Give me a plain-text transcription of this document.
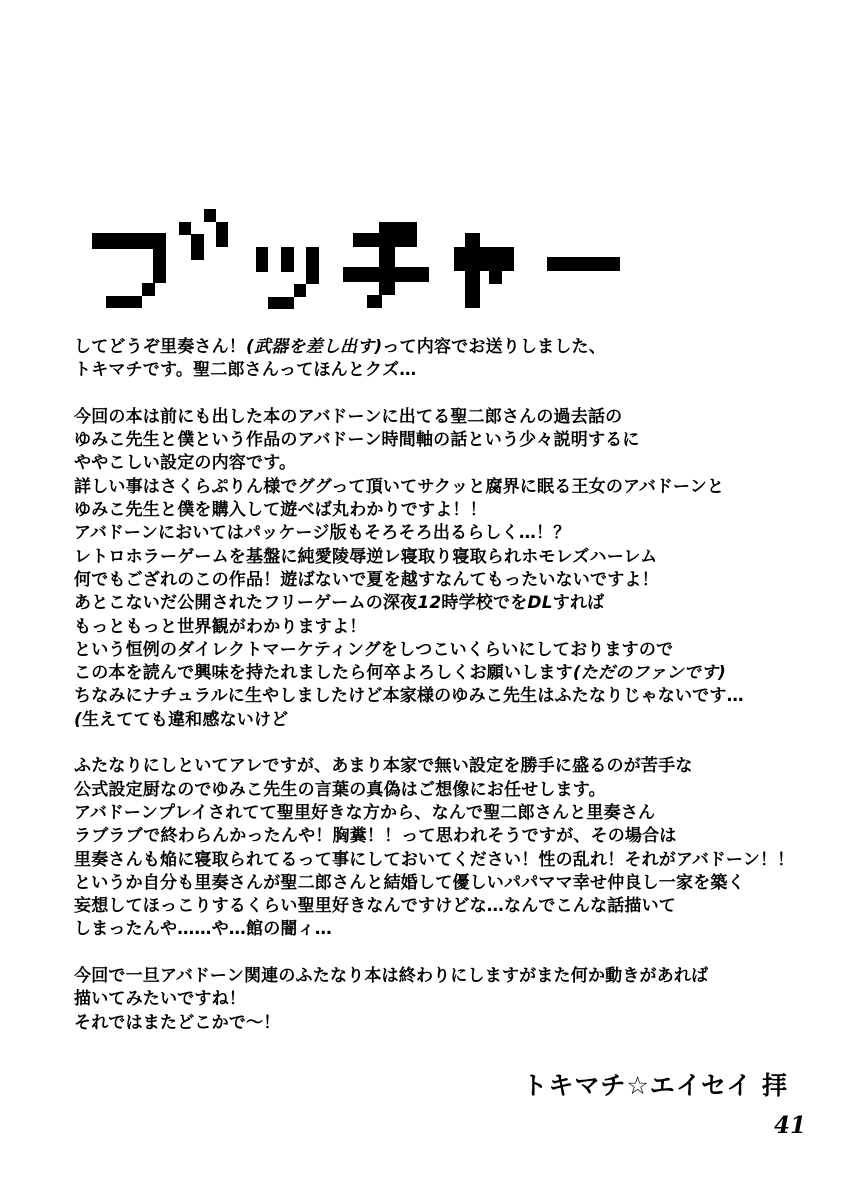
してどうぞ里奏さん！(武器を差し出す)って内容でお送りしました、
トキマチです。聖二郎さんってほんとクズ…
今回の本は前にも出した本のアバドーンに出てる聖二郎さんの過去話の
ゆみこ先生と僕という作品のアバドーン時間軸の話という少々説明するに
ややこしい設定の内容です。
詳しい事はさくらぷりん様でググって頂いてサクッと腐界に眠る王女のアバドーンと
ゆみこ先生と僕を購入して遊べば丸わかりですよ！！
アバドーンにおいてはパッケージ版もそろそろ出るらしく…！？
レトロホラーゲームを基盤に純愛陵辱逆レ寝取り寝取られホモレズハーレム
何でもござれのこの作品！遊ばないで夏を越すなんてもったいないですよ！
あとこないだ公開されたフリーゲームの深夜12時学校でをDLすれば
もっともっと世界観がわかりますよ！
という恒例のダイレクトマーケティングをしつこいくらいにしておりますので
この本を読んで興味を持たれましたら何卒よろしくお願いします(ただのファンです)
ちなみにナチュラルに生やしましたけど本家様のゆみこ先生はふたなりじゃないです…
(生えてても違和感ないけど
ふたなりにしといてアレですが、あまり本家で無い設定を勝手に盛るのが苦手な
公式設定厨なのでゆみこ先生の言葉の真偽はご想像にお任せします。
アバドーンプレイされてて聖里好きな方から、なんで聖二郎さんと里奏さん
ラブラブで終わらんかったんや！胸糞！！って思われそうですが、その場合は
里奏さんも焔に寝取られてるって事にしておいてください！性の乱れ！それがアバドーン！！
というか自分も里奏さんが聖二郎さんと結婚して優しいパパママ幸せ仲良し一家を築く
妄想してほっこりするくらい聖里好きなんですけどな…なんでこんな話描いて
しまったんや……や…館の闇ィ…
今回で一旦アバドーン関連のふたなり本は終わりにしますがまた何か動きがあれば
描いてみたいですね！
それではまたどこかで～！
トキマチ☆エイセイ 拝
41
